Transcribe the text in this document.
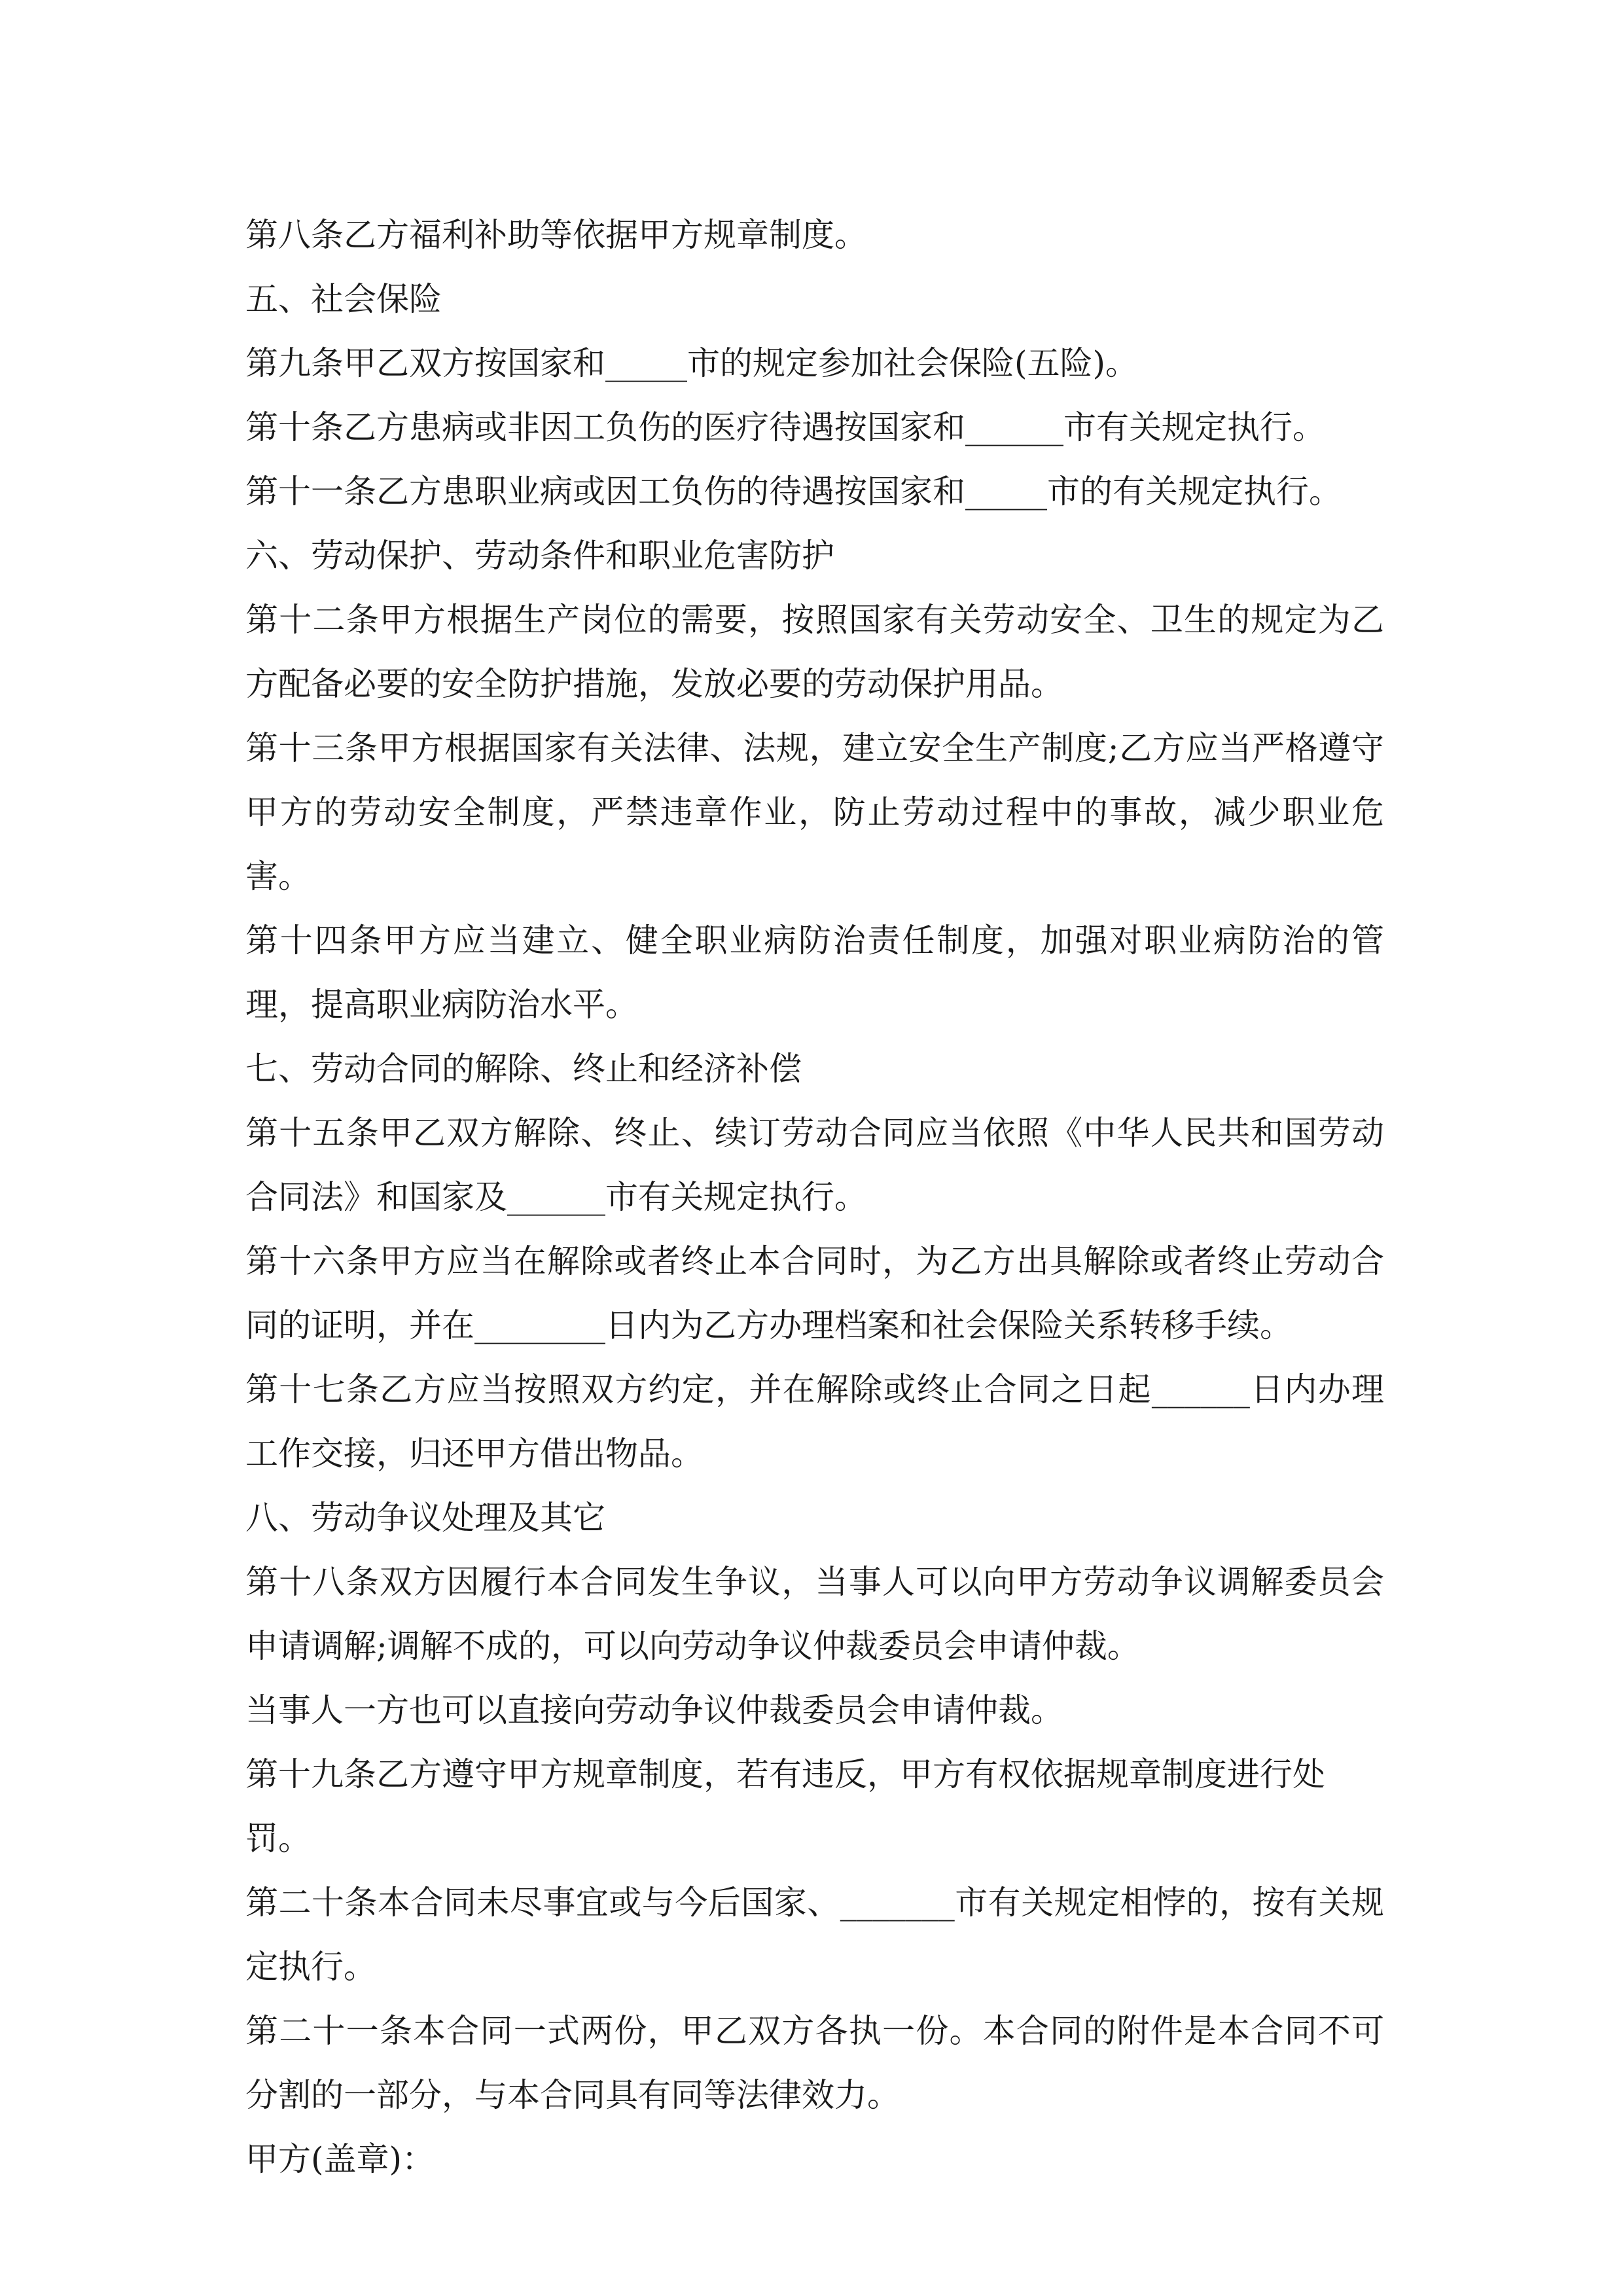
第八条乙方福利补助等依据甲方规章制度。

五、社会保险

第九条甲乙双方按国家和_____市的规定参加社会保险(五险)。

第十条乙方患病或非因工负伤的医疗待遇按国家和______市有关规定执行。

第十一条乙方患职业病或因工负伤的待遇按国家和_____市的有关规定执行。

六、劳动保护、劳动条件和职业危害防护

第十二条甲方根据生产岗位的需要，按照国家有关劳动安全、卫生的规定为乙方配备必要的安全防护措施，发放必要的劳动保护用品。

第十三条甲方根据国家有关法律、法规，建立安全生产制度;乙方应当严格遵守甲方的劳动安全制度，严禁违章作业，防止劳动过程中的事故，减少职业危害。

第十四条甲方应当建立、健全职业病防治责任制度，加强对职业病防治的管理，提高职业病防治水平。

七、劳动合同的解除、终止和经济补偿

第十五条甲乙双方解除、终止、续订劳动合同应当依照《中华人民共和国劳动合同法》和国家及______市有关规定执行。

第十六条甲方应当在解除或者终止本合同时，为乙方出具解除或者终止劳动合同的证明，并在________日内为乙方办理档案和社会保险关系转移手续。

第十七条乙方应当按照双方约定，并在解除或终止合同之日起______日内办理工作交接，归还甲方借出物品。

八、劳动争议处理及其它

第十八条双方因履行本合同发生争议，当事人可以向甲方劳动争议调解委员会申请调解;调解不成的，可以向劳动争议仲裁委员会申请仲裁。

当事人一方也可以直接向劳动争议仲裁委员会申请仲裁。

第十九条乙方遵守甲方规章制度，若有违反，甲方有权依据规章制度进行处罚。

第二十条本合同未尽事宜或与今后国家、_______市有关规定相悖的，按有关规定执行。

第二十一条本合同一式两份，甲乙双方各执一份。本合同的附件是本合同不可分割的一部分，与本合同具有同等法律效力。

甲方(盖章)：
